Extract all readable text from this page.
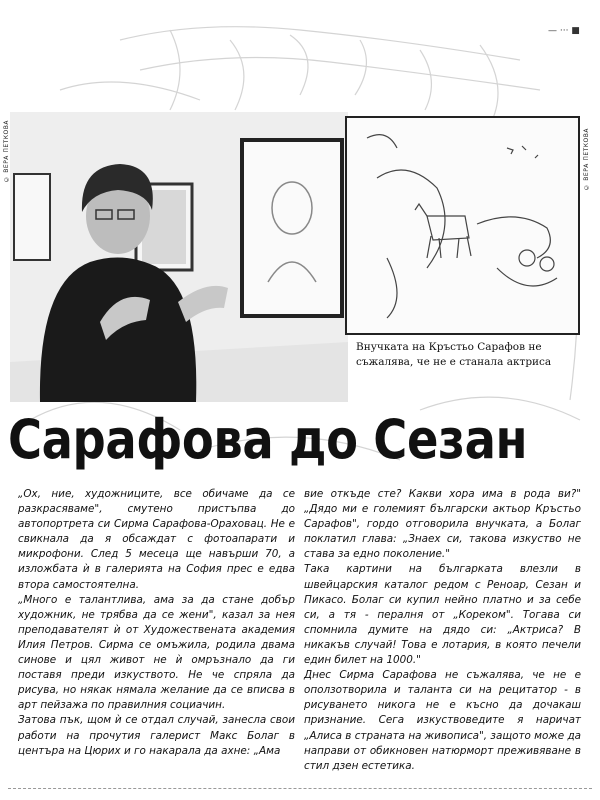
— ··· ■
© ВЕРА ПЕТКОВА	© ВЕРА ПЕТКОВА
Внучката на Кръстьо Сарафов не съжалява, че не е станала актриса
Сарафова до Сезан

„Ох, ние, художниците, все обичаме да се разкрасяваме", смутено пристъпва до автопортрета си Сирма Сарафова-Ораховац. Не е свикнала да я обсаждат с фотоапарати и микрофони. След 5 месеца ще навърши 70, а изложбата ѝ в галерията на София прес е едва втора самостоятелна.

„Много е талантлива, ама за да стане добър художник, не трябва да се жени", казал за нея преподавателят ѝ от Художествената академия Илия Петров. Сирма се омъжила, родила двама синове и цял живот не ѝ омръзнало да ги поставя преди изкуството. Не че спряла да рисува, но някак нямала желание да се вписва в арт пейзажа по правилния социачин.

Затова пък, щом ѝ се отдал случай, занесла свои работи на прочутия галерист Макс Болаг в центъра на Цюрих и го накарала да ахне: „Ама

вие откъде сте? Какви хора има в рода ви?" „Дядо ми е големият български актьор Кръстьо Сарафов", гордо отговорила внучката, а Болаг поклатил глава: „Знаех си, такова изкуство не става за едно поколение."

Така картини на българката влезли в швейцарския каталог редом с Реноар, Сезан и Пикасо. Болаг си купил нейно платно и за себе си, а тя - пералня от „Кореком". Тогава си спомнила думите на дядо си: „Актриса? В никакъв случай! Това е лотария, в която печели един билет на 1000."

Днес Сирма Сарафова не съжалява, че не е оползотворила и таланта си на рецитатор - в рисуването никога не е късно да дочакаш признание. Сега изкуствоведите я наричат „Алиса в страната на живописа", защото може да направи от обикновен натюрморт преживяване в стил дзен естетика.
